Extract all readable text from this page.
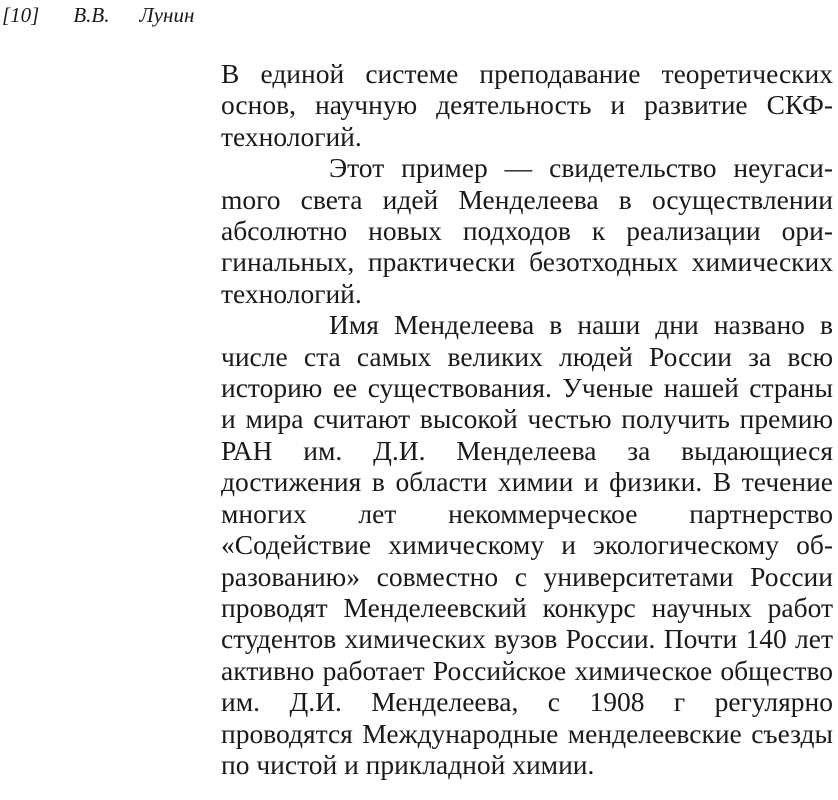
[10] В.В. Лунин

В единой системе преподавание теоретических основ, научную деятельность и развитие СКФ-технологий.

Этот пример — свидетельство неугасиmого света идей Менделеева в осуществлении абсолютно новых подходов к реализации оригинальных, практически безотходных химических технологий.

Имя Менделеева в наши дни названо в числе ста самых великих людей России за всю историю ее существования. Ученые нашей страны и мира считают высокой честью получить премию РАН им. Д.И. Менделеева за выдающиеся достижения в области химии и физики. В течение многих лет некоммерческое партнерство «Содействие химическому и экологическому образованию» совместно с университетами России проводят Менделеевский конкурс научных работ студентов химических вузов России. Почти 140 лет активно работает Российское химическое общество им. Д.И. Менделеева, с 1908 г регулярно проводятся Международные менделеевские съезды по чистой и прикладной химии.
